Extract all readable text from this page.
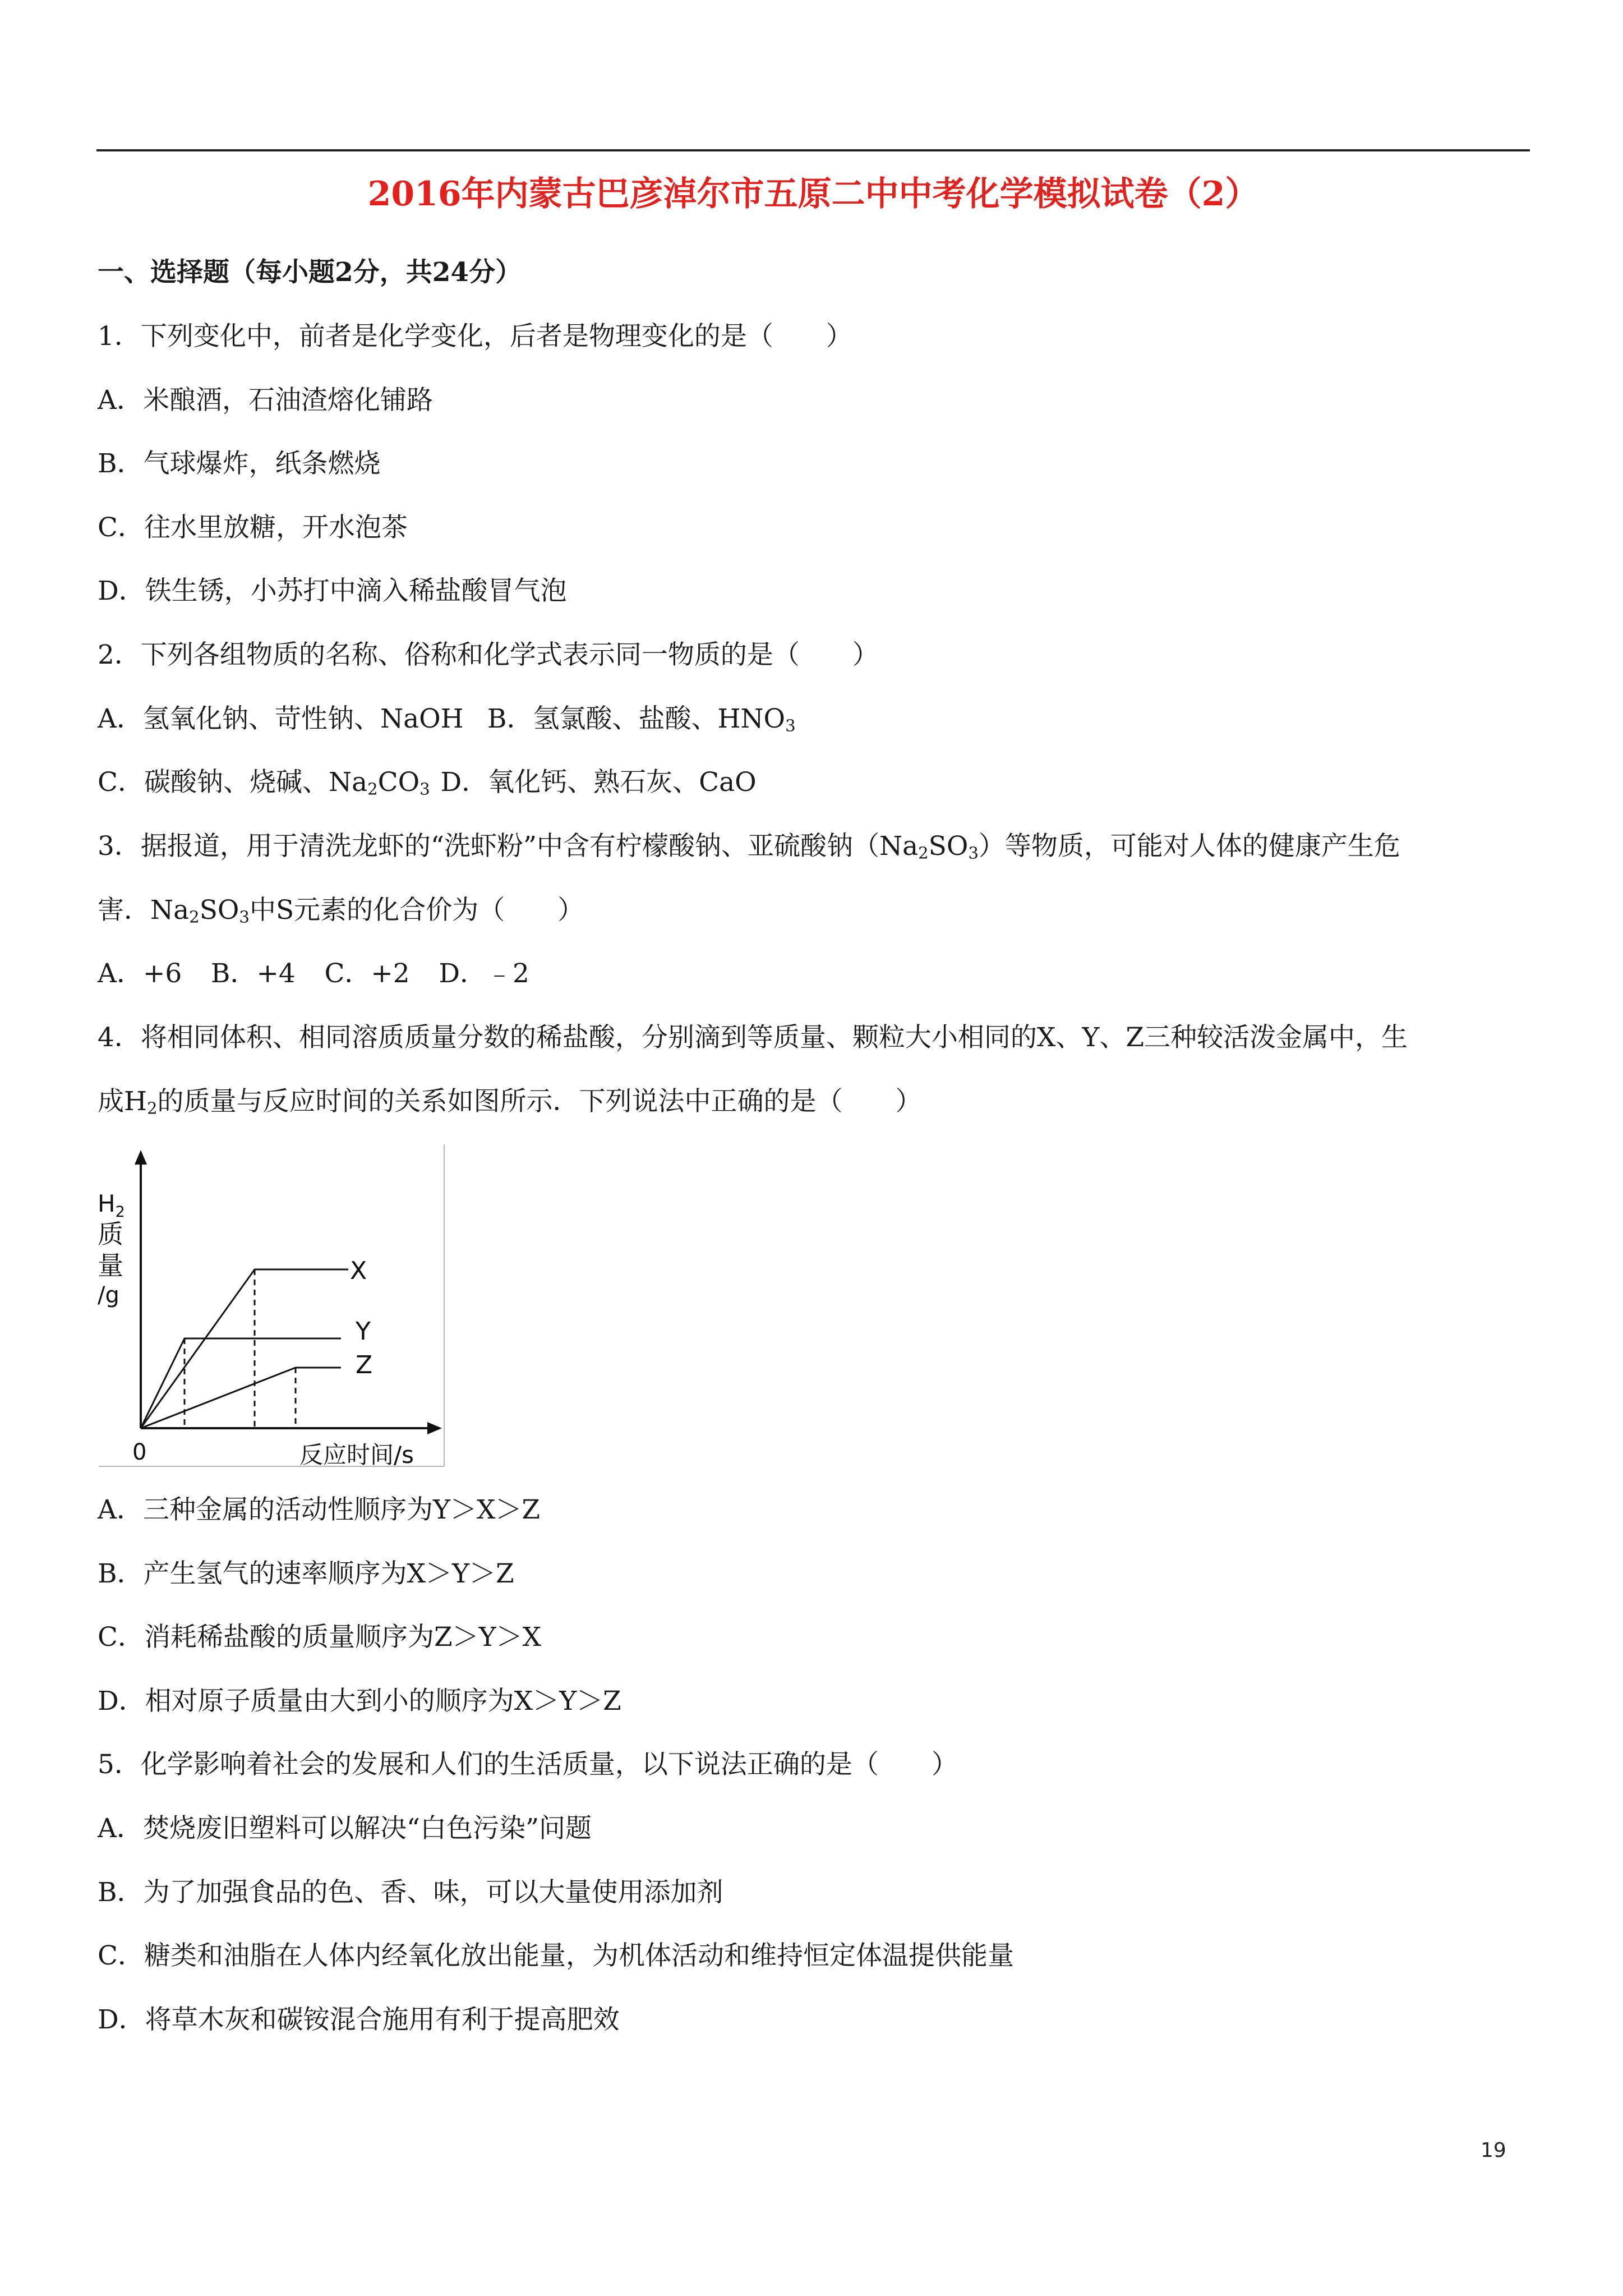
2016年内蒙古巴彦淖尔市五原二中中考化学模拟试卷（2）
一、选择题（每小题2分，共24分）
1．下列变化中，前者是化学变化，后者是物理变化的是（　　）
A．米酿酒，石油渣熔化铺路
B．气球爆炸，纸条燃烧
C．往水里放糖，开水泡茶
D．铁生锈，小苏打中滴入稀盐酸冒气泡
2．下列各组物质的名称、俗称和化学式表示同一物质的是（　　）
A．氢氧化钠、苛性钠、NaOH B．氢氯酸、盐酸、$HNO_3$
C．碳酸钠、烧碱、$Na_2CO_3$ D．氧化钙、熟石灰、CaO
3．据报道，用于清洗龙虾的“洗虾粉”中含有柠檬酸钠、亚硫酸钠$(Na_2SO_3)$等物质，可能对人体的健康产生危
害．$Na_2SO_3$中S元素的化合价为（　　）
A．+6 B．+4 C．+2 D．﹣2
4．将相同体积、相同溶质质量分数的稀盐酸，分别滴到等质量、颗粒大小相同的X、Y、Z三种较活泼金属中，生
成$H_2$的质量与反应时间的关系如图所示．下列说法中正确的是（　　）
$H_2$
质
量
/g
X
Y
Z
0	反应时间/s
A．三种金属的活动性顺序为Y＞X＞Z
B．产生氢气的速率顺序为X＞Y＞Z
C．消耗稀盐酸的质量顺序为Z＞Y＞X
D．相对原子质量由大到小的顺序为X＞Y＞Z
5．化学影响着社会的发展和人们的生活质量，以下说法正确的是（　　）
A．焚烧废旧塑料可以解决“白色污染”问题
B．为了加强食品的色、香、味，可以大量使用添加剂
C．糖类和油脂在人体内经氧化放出能量，为机体活动和维持恒定体温提供能量
D．将草木灰和碳铵混合施用有利于提高肥效
19
